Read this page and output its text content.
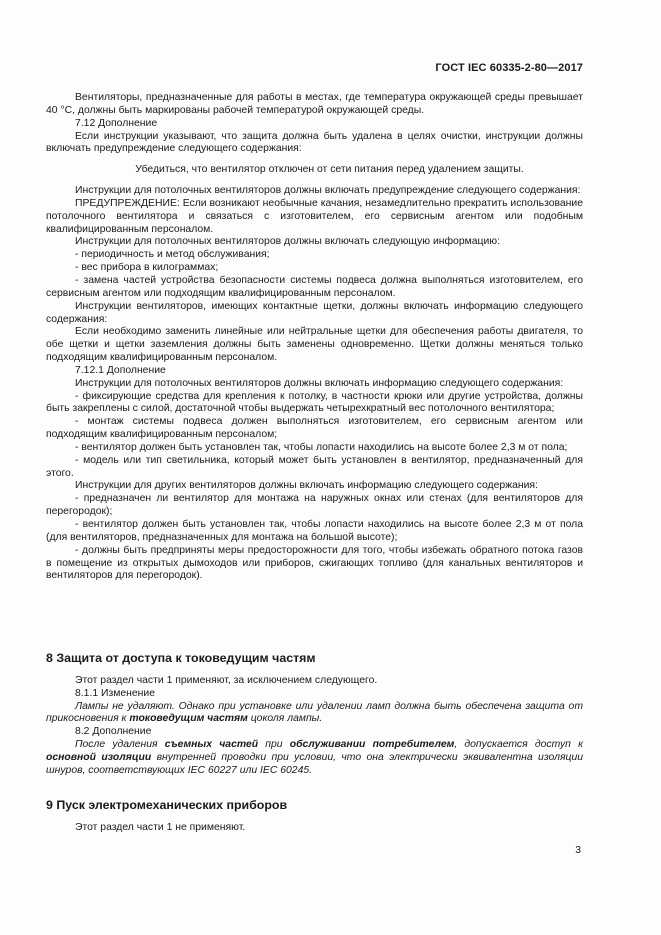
ГОСТ IEC 60335-2-80—2017

Вентиляторы, предназначенные для работы в местах, где температура окружающей среды превышает 40 °С, должны быть маркированы рабочей температурой окружающей среды.

7.12 Дополнение

Если инструкции указывают, что защита должна быть удалена в целях очистки, инструкции должны включать предупреждение следующего содержания:

Убедиться, что вентилятор отключен от сети питания перед удалением защиты.

Инструкции для потолочных вентиляторов должны включать предупреждение следующего содержания:

ПРЕДУПРЕЖДЕНИЕ: Если возникают необычные качания, незамедлительно прекратить использование потолочного вентилятора и связаться с изготовителем, его сервисным агентом или подобным квалифицированным персоналом.

Инструкции для потолочных вентиляторов должны включать следующую информацию:

- периодичность и метод обслуживания;

- вес прибора в килограммах;

- замена частей устройства безопасности системы подвеса должна выполняться изготовителем, его сервисным агентом или подходящим квалифицированным персоналом.

Инструкции вентиляторов, имеющих контактные щетки, должны включать информацию следующего содержания:

Если необходимо заменить линейные или нейтральные щетки для обеспечения работы двигателя, то обе щетки и щетки заземления должны быть заменены одновременно. Щетки должны меняться только подходящим квалифицированным персоналом.

7.12.1 Дополнение

Инструкции для потолочных вентиляторов должны включать информацию следующего содержания:

- фиксирующие средства для крепления к потолку, в частности крюки или другие устройства, должны быть закреплены с силой, достаточной чтобы выдержать четырехкратный вес потолочного вентилятора;

- монтаж системы подвеса должен выполняться изготовителем, его сервисным агентом или подходящим квалифицированным персоналом;

- вентилятор должен быть установлен так, чтобы лопасти находились на высоте более 2,3 м от пола;

- модель или тип светильника, который может быть установлен в вентилятор, предназначенный для этого.

Инструкции для других вентиляторов должны включать информацию следующего содержания:

- предназначен ли вентилятор для монтажа на наружных окнах или стенах (для вентиляторов для перегородок);

- вентилятор должен быть установлен так, чтобы лопасти находились на высоте более 2,3 м от пола (для вентиляторов, предназначенных для монтажа на большой высоте);

- должны быть предприняты меры предосторожности для того, чтобы избежать обратного потока газов в помещение из открытых дымоходов или приборов, сжигающих топливо (для канальных вентиляторов и вентиляторов для перегородок).

8 Защита от доступа к токоведущим частям

Этот раздел части 1 применяют, за исключением следующего.

8.1.1 Изменение

Лампы не удаляют. Однако при установке или удалении ламп должна быть обеспечена защита от прикосновения к токоведущим частям цоколя лампы.

8.2 Дополнение

После удаления съемных частей при обслуживании потребителем, допускается доступ к основной изоляции внутренней проводки при условии, что она электрически эквивалентна изоляции шнуров, соответствующих IEC 60227 или IEC 60245.

9 Пуск электромеханических приборов

Этот раздел части 1 не применяют.

3
